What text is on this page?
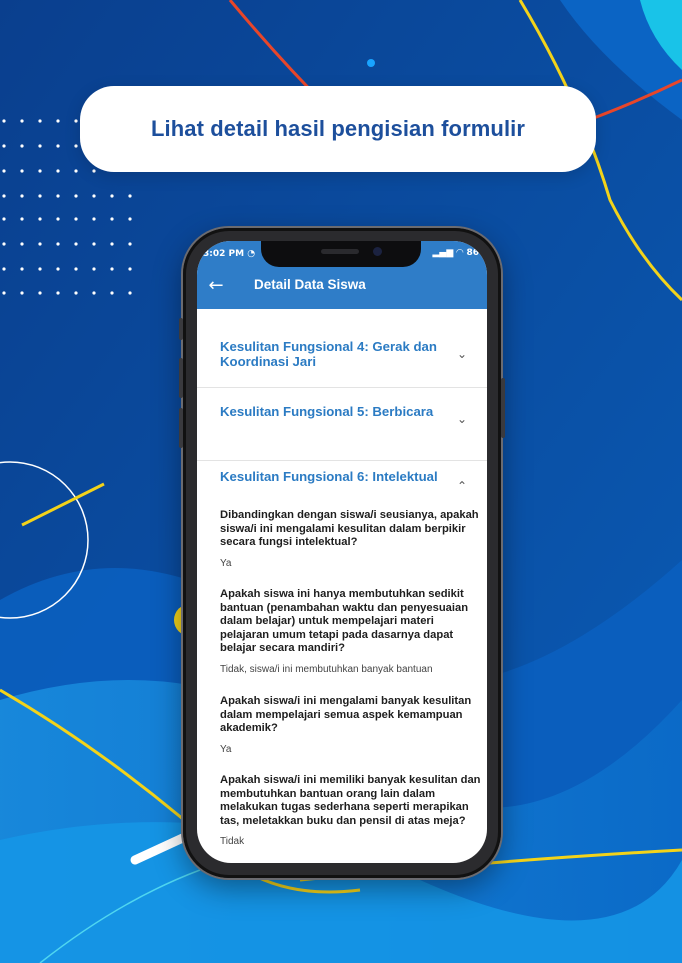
Lihat detail hasil pengisian formulir
3:02 PM ◔	▂▄▆ ◠ 86
← Detail Data Siswa
Kesulitan Fungsional 4: Gerak dan Koordinasi Jari	⌄
Kesulitan Fungsional 5: Berbicara	⌄
Kesulitan Fungsional 6: Intelektual
⌃
Dibandingkan dengan siswa/i seusianya, apakah siswa/i ini mengalami kesulitan dalam berpikir secara fungsi intelektual?
Ya
Apakah siswa ini hanya membutuhkan sedikit bantuan (penambahan waktu dan penyesuaian dalam belajar) untuk mempelajari materi pelajaran umum tetapi pada dasarnya dapat belajar secara mandiri?
Tidak, siswa/i ini membutuhkan banyak bantuan
Apakah siswa/i ini mengalami banyak kesulitan dalam mempelajari semua aspek kemampuan akademik?
Ya
Apakah siswa/i ini memiliki banyak kesulitan dan membutuhkan bantuan orang lain dalam melakukan tugas sederhana seperti merapikan tas, meletakkan buku dan pensil di atas meja?
Tidak
